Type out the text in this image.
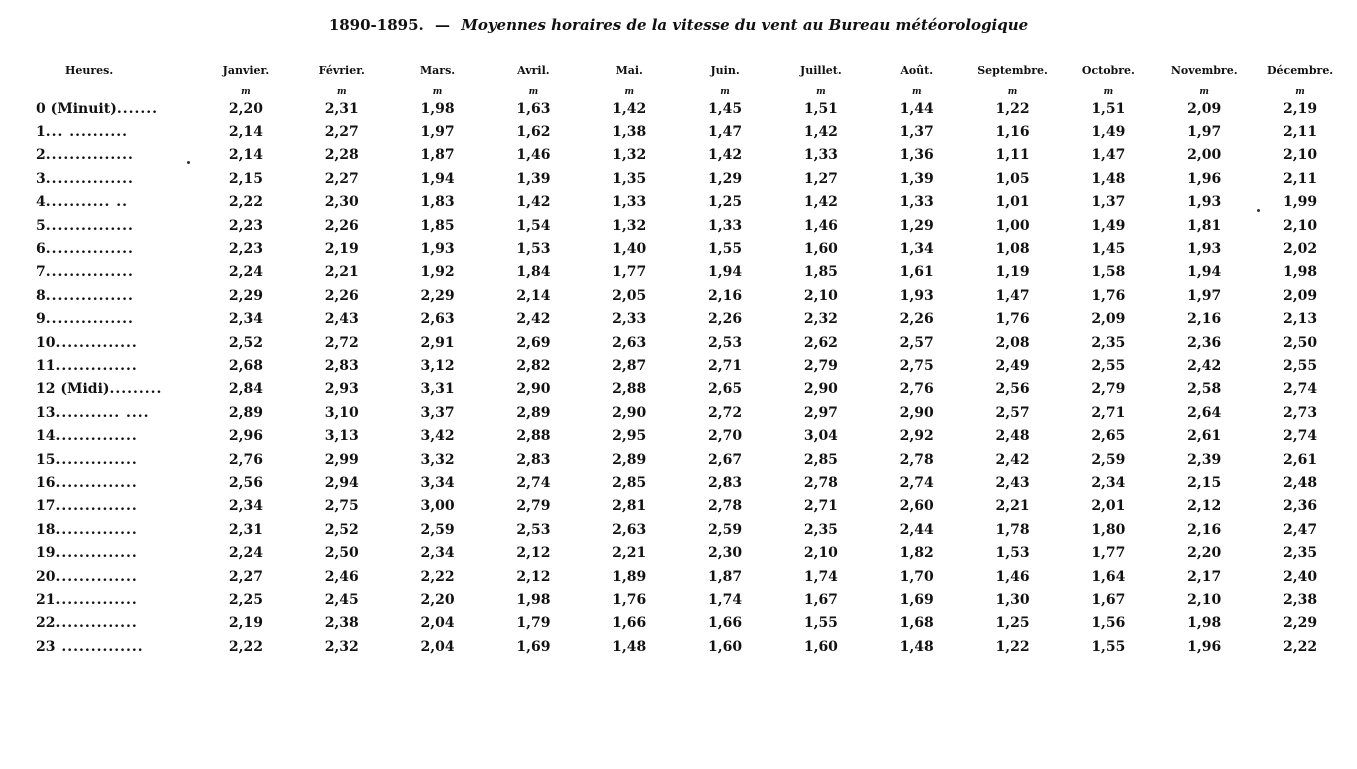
1890-1895. — Moyennes horaires de la vitesse du vent au Bureau météorologique
Heures.	Janvier.	Février.	Mars.	Avril.	Mai.	Juin.	Juillet.	Août.	Septembre.	Octobre.	Novembre.	Décembre.
	m	m	m	m	m	m	m	m	m	m	m	m
0 (Minuit).......	2,20	2,31	1,98	1,63	1,42	1,45	1,51	1,44	1,22	1,51	2,09	2,19
1... ..........	2,14	2,27	1,97	1,62	1,38	1,47	1,42	1,37	1,16	1,49	1,97	2,11
2...............	2,14	2,28	1,87	1,46	1,32	1,42	1,33	1,36	1,11	1,47	2,00	2,10
3...............	2,15	2,27	1,94	1,39	1,35	1,29	1,27	1,39	1,05	1,48	1,96	2,11
4........... ..	2,22	2,30	1,83	1,42	1,33	1,25	1,42	1,33	1,01	1,37	1,93	1,99
5...............	2,23	2,26	1,85	1,54	1,32	1,33	1,46	1,29	1,00	1,49	1,81	2,10
6...............	2,23	2,19	1,93	1,53	1,40	1,55	1,60	1,34	1,08	1,45	1,93	2,02
7...............	2,24	2,21	1,92	1,84	1,77	1,94	1,85	1,61	1,19	1,58	1,94	1,98
8...............	2,29	2,26	2,29	2,14	2,05	2,16	2,10	1,93	1,47	1,76	1,97	2,09
9...............	2,34	2,43	2,63	2,42	2,33	2,26	2,32	2,26	1,76	2,09	2,16	2,13
10..............	2,52	2,72	2,91	2,69	2,63	2,53	2,62	2,57	2,08	2,35	2,36	2,50
11..............	2,68	2,83	3,12	2,82	2,87	2,71	2,79	2,75	2,49	2,55	2,42	2,55
12 (Midi).........	2,84	2,93	3,31	2,90	2,88	2,65	2,90	2,76	2,56	2,79	2,58	2,74
13........... ....	2,89	3,10	3,37	2,89	2,90	2,72	2,97	2,90	2,57	2,71	2,64	2,73
14..............	2,96	3,13	3,42	2,88	2,95	2,70	3,04	2,92	2,48	2,65	2,61	2,74
15..............	2,76	2,99	3,32	2,83	2,89	2,67	2,85	2,78	2,42	2,59	2,39	2,61
16..............	2,56	2,94	3,34	2,74	2,85	2,83	2,78	2,74	2,43	2,34	2,15	2,48
17..............	2,34	2,75	3,00	2,79	2,81	2,78	2,71	2,60	2,21	2,01	2,12	2,36
18..............	2,31	2,52	2,59	2,53	2,63	2,59	2,35	2,44	1,78	1,80	2,16	2,47
19..............	2,24	2,50	2,34	2,12	2,21	2,30	2,10	1,82	1,53	1,77	2,20	2,35
20..............	2,27	2,46	2,22	2,12	1,89	1,87	1,74	1,70	1,46	1,64	2,17	2,40
21..............	2,25	2,45	2,20	1,98	1,76	1,74	1,67	1,69	1,30	1,67	2,10	2,38
22..............	2,19	2,38	2,04	1,79	1,66	1,66	1,55	1,68	1,25	1,56	1,98	2,29
23 ..............	2,22	2,32	2,04	1,69	1,48	1,60	1,60	1,48	1,22	1,55	1,96	2,22
